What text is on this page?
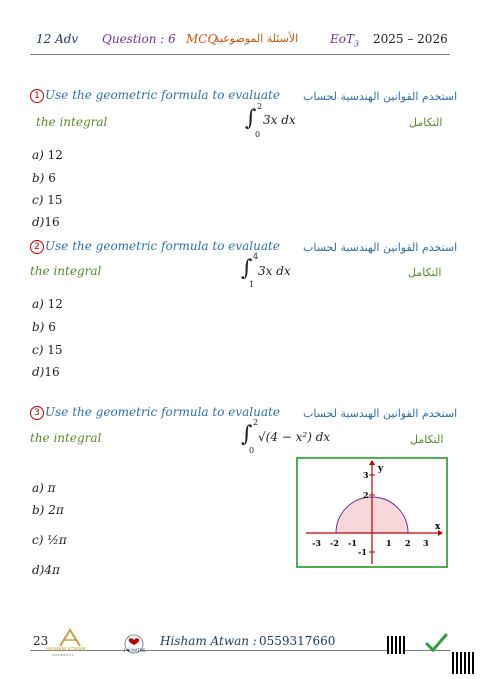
12 Adv Question : 6 MCQ
الأسئلة الموضوعية	EoT$_3$ 2025 – 2026
1 Use the geometric formula to evaluate استخدم القوانين الهندسية لحساب
the integral	التكامل
∫ 2
0
3x dx
a) 12
b) 6
c) 15
d)16
2 Use the geometric formula to evaluate استخدم القوانين الهندسية لحساب
the integral	التكامل
∫ 4
1
3x dx
a) 12
b) 6
c) 15
d)16
3 Use the geometric formula to evaluate استخدم القوانين الهندسية لحساب
the integral	التكامل
∫ 2
0
√(4 − x²) dx
a) π
b) 2π
c) ½π
d)4π
x
y
-3 -2 -1	1 2 3
3
2
-1
23
HISHAM ATWAN
MATHEMATICS
I ♥ MATHS
Hisham Atwan : 0559317660
